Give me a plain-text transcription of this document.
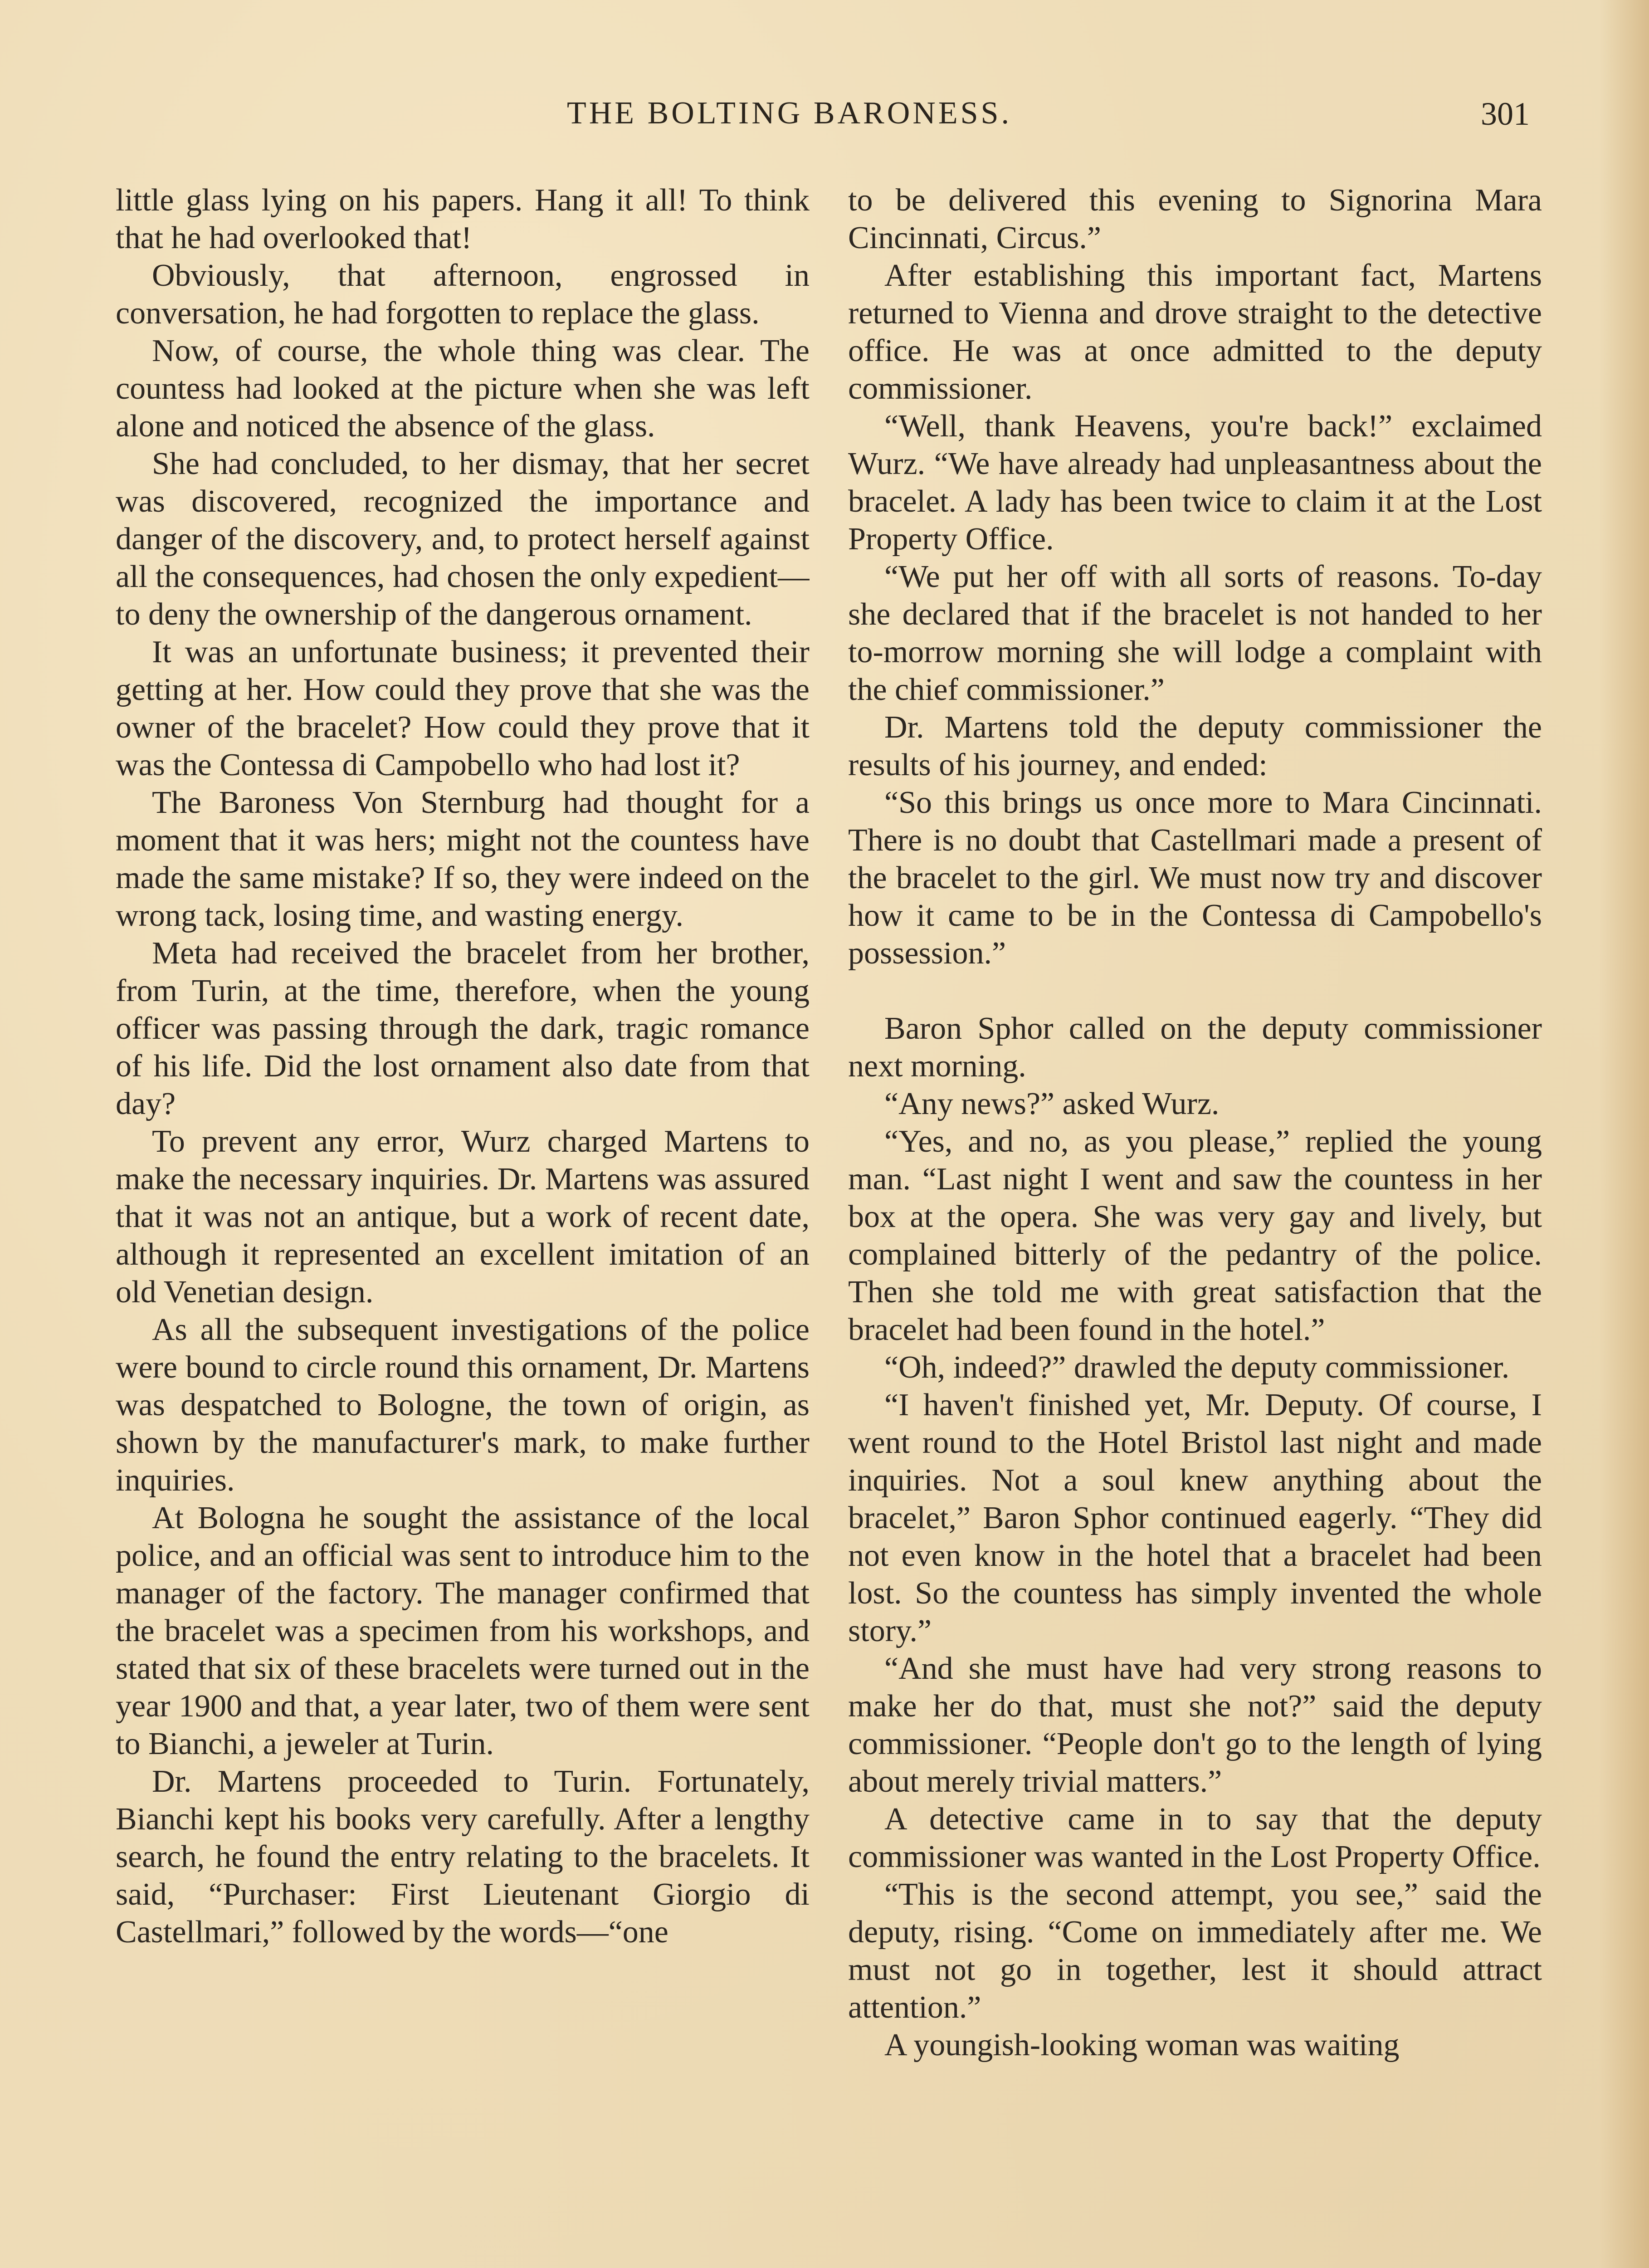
THE BOLTING BARONESS.	301

little glass lying on his papers. Hang it all! To think that he had overlooked that!

Obviously, that afternoon, engrossed in conversation, he had forgotten to replace the glass.

Now, of course, the whole thing was clear. The countess had looked at the picture when she was left alone and noticed the absence of the glass.

She had concluded, to her dismay, that her secret was discovered, recognized the importance and danger of the discovery, and, to protect herself against all the consequences, had chosen the only expedient—to deny the ownership of the dangerous ornament.

It was an unfortunate business; it prevented their getting at her. How could they prove that she was the owner of the bracelet? How could they prove that it was the Contessa di Campobello who had lost it?

The Baroness Von Sternburg had thought for a moment that it was hers; might not the countess have made the same mistake? If so, they were indeed on the wrong tack, losing time, and wasting energy.

Meta had received the bracelet from her brother, from Turin, at the time, therefore, when the young officer was passing through the dark, tragic romance of his life. Did the lost ornament also date from that day?

To prevent any error, Wurz charged Martens to make the necessary inquiries. Dr. Martens was assured that it was not an antique, but a work of recent date, although it represented an excellent imitation of an old Venetian design.

As all the subsequent investigations of the police were bound to circle round this ornament, Dr. Martens was despatched to Bologne, the town of origin, as shown by the manufacturer's mark, to make further inquiries.

At Bologna he sought the assistance of the local police, and an official was sent to introduce him to the manager of the factory. The manager confirmed that the bracelet was a specimen from his workshops, and stated that six of these bracelets were turned out in the year 1900 and that, a year later, two of them were sent to Bianchi, a jeweler at Turin.

Dr. Martens proceeded to Turin. Fortunately, Bianchi kept his books very carefully. After a lengthy search, he found the entry relating to the bracelets. It said, “Purchaser: First Lieutenant Giorgio di Castellmari,” followed by the words—“one

to be delivered this evening to Signorina Mara Cincinnati, Circus.”

After establishing this important fact, Martens returned to Vienna and drove straight to the detective office. He was at once admitted to the deputy commissioner.

“Well, thank Heavens, you're back!” exclaimed Wurz. “We have already had unpleasantness about the bracelet. A lady has been twice to claim it at the Lost Property Office.

“We put her off with all sorts of reasons. To-day she declared that if the bracelet is not handed to her to-morrow morning she will lodge a complaint with the chief commissioner.”

Dr. Martens told the deputy commissioner the results of his journey, and ended:

“So this brings us once more to Mara Cincinnati. There is no doubt that Castellmari made a present of the bracelet to the girl. We must now try and discover how it came to be in the Contessa di Campobello's possession.”

Baron Sphor called on the deputy commissioner next morning.

“Any news?” asked Wurz.

“Yes, and no, as you please,” replied the young man. “Last night I went and saw the countess in her box at the opera. She was very gay and lively, but complained bitterly of the pedantry of the police. Then she told me with great satisfaction that the bracelet had been found in the hotel.”

“Oh, indeed?” drawled the deputy commissioner.

“I haven't finished yet, Mr. Deputy. Of course, I went round to the Hotel Bristol last night and made inquiries. Not a soul knew anything about the bracelet,” Baron Sphor continued eagerly. “They did not even know in the hotel that a bracelet had been lost. So the countess has simply invented the whole story.”

“And she must have had very strong reasons to make her do that, must she not?” said the deputy commissioner. “People don't go to the length of lying about merely trivial matters.”

A detective came in to say that the deputy commissioner was wanted in the Lost Property Office.

“This is the second attempt, you see,” said the deputy, rising. “Come on immediately after me. We must not go in together, lest it should attract attention.”

A youngish-looking woman was waiting
